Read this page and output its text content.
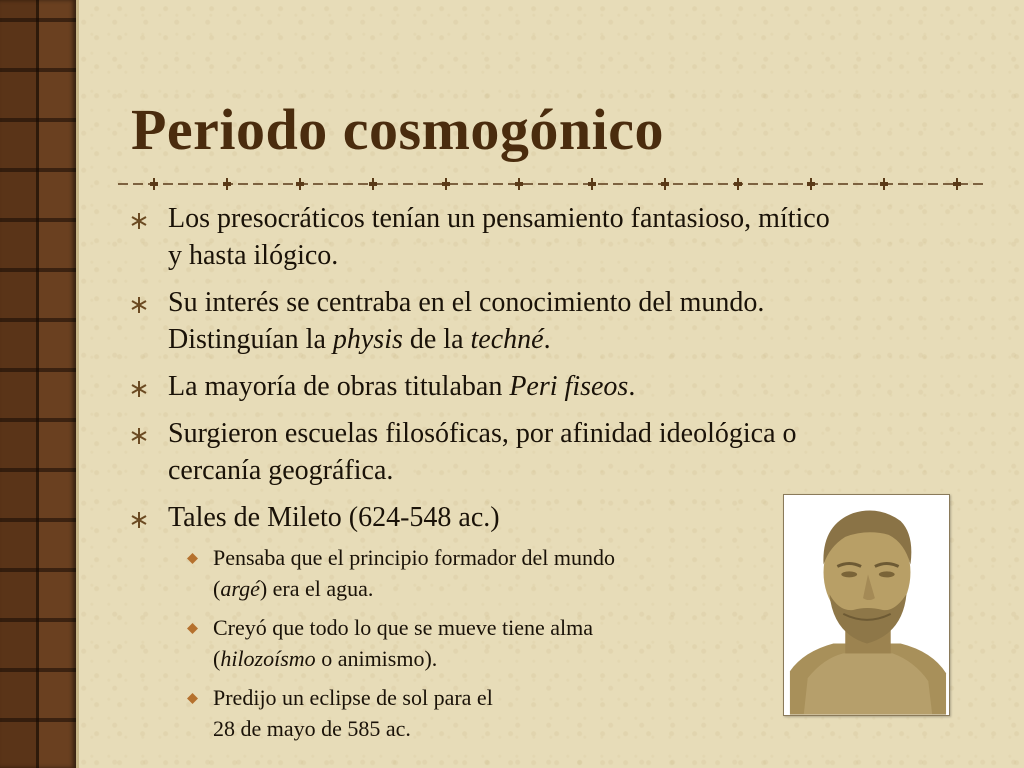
Periodo cosmogónico
Los presocráticos tenían un pensamiento fantasioso, mítico
y hasta ilógico.
Su interés se centraba en el conocimiento del mundo.
Distinguían la physis de la techné.
La mayoría de obras titulaban Peri fiseos.
Surgieron escuelas filosóficas, por afinidad ideológica o
cercanía geográfica.
Tales de Mileto (624-548 ac.)
Pensaba que el principio formador del mundo
(argé) era el agua.
Creyó que todo lo que se mueve tiene alma
(hilozoísmo o animismo).
Predijo un eclipse de sol para el
28 de mayo de 585 ac.
